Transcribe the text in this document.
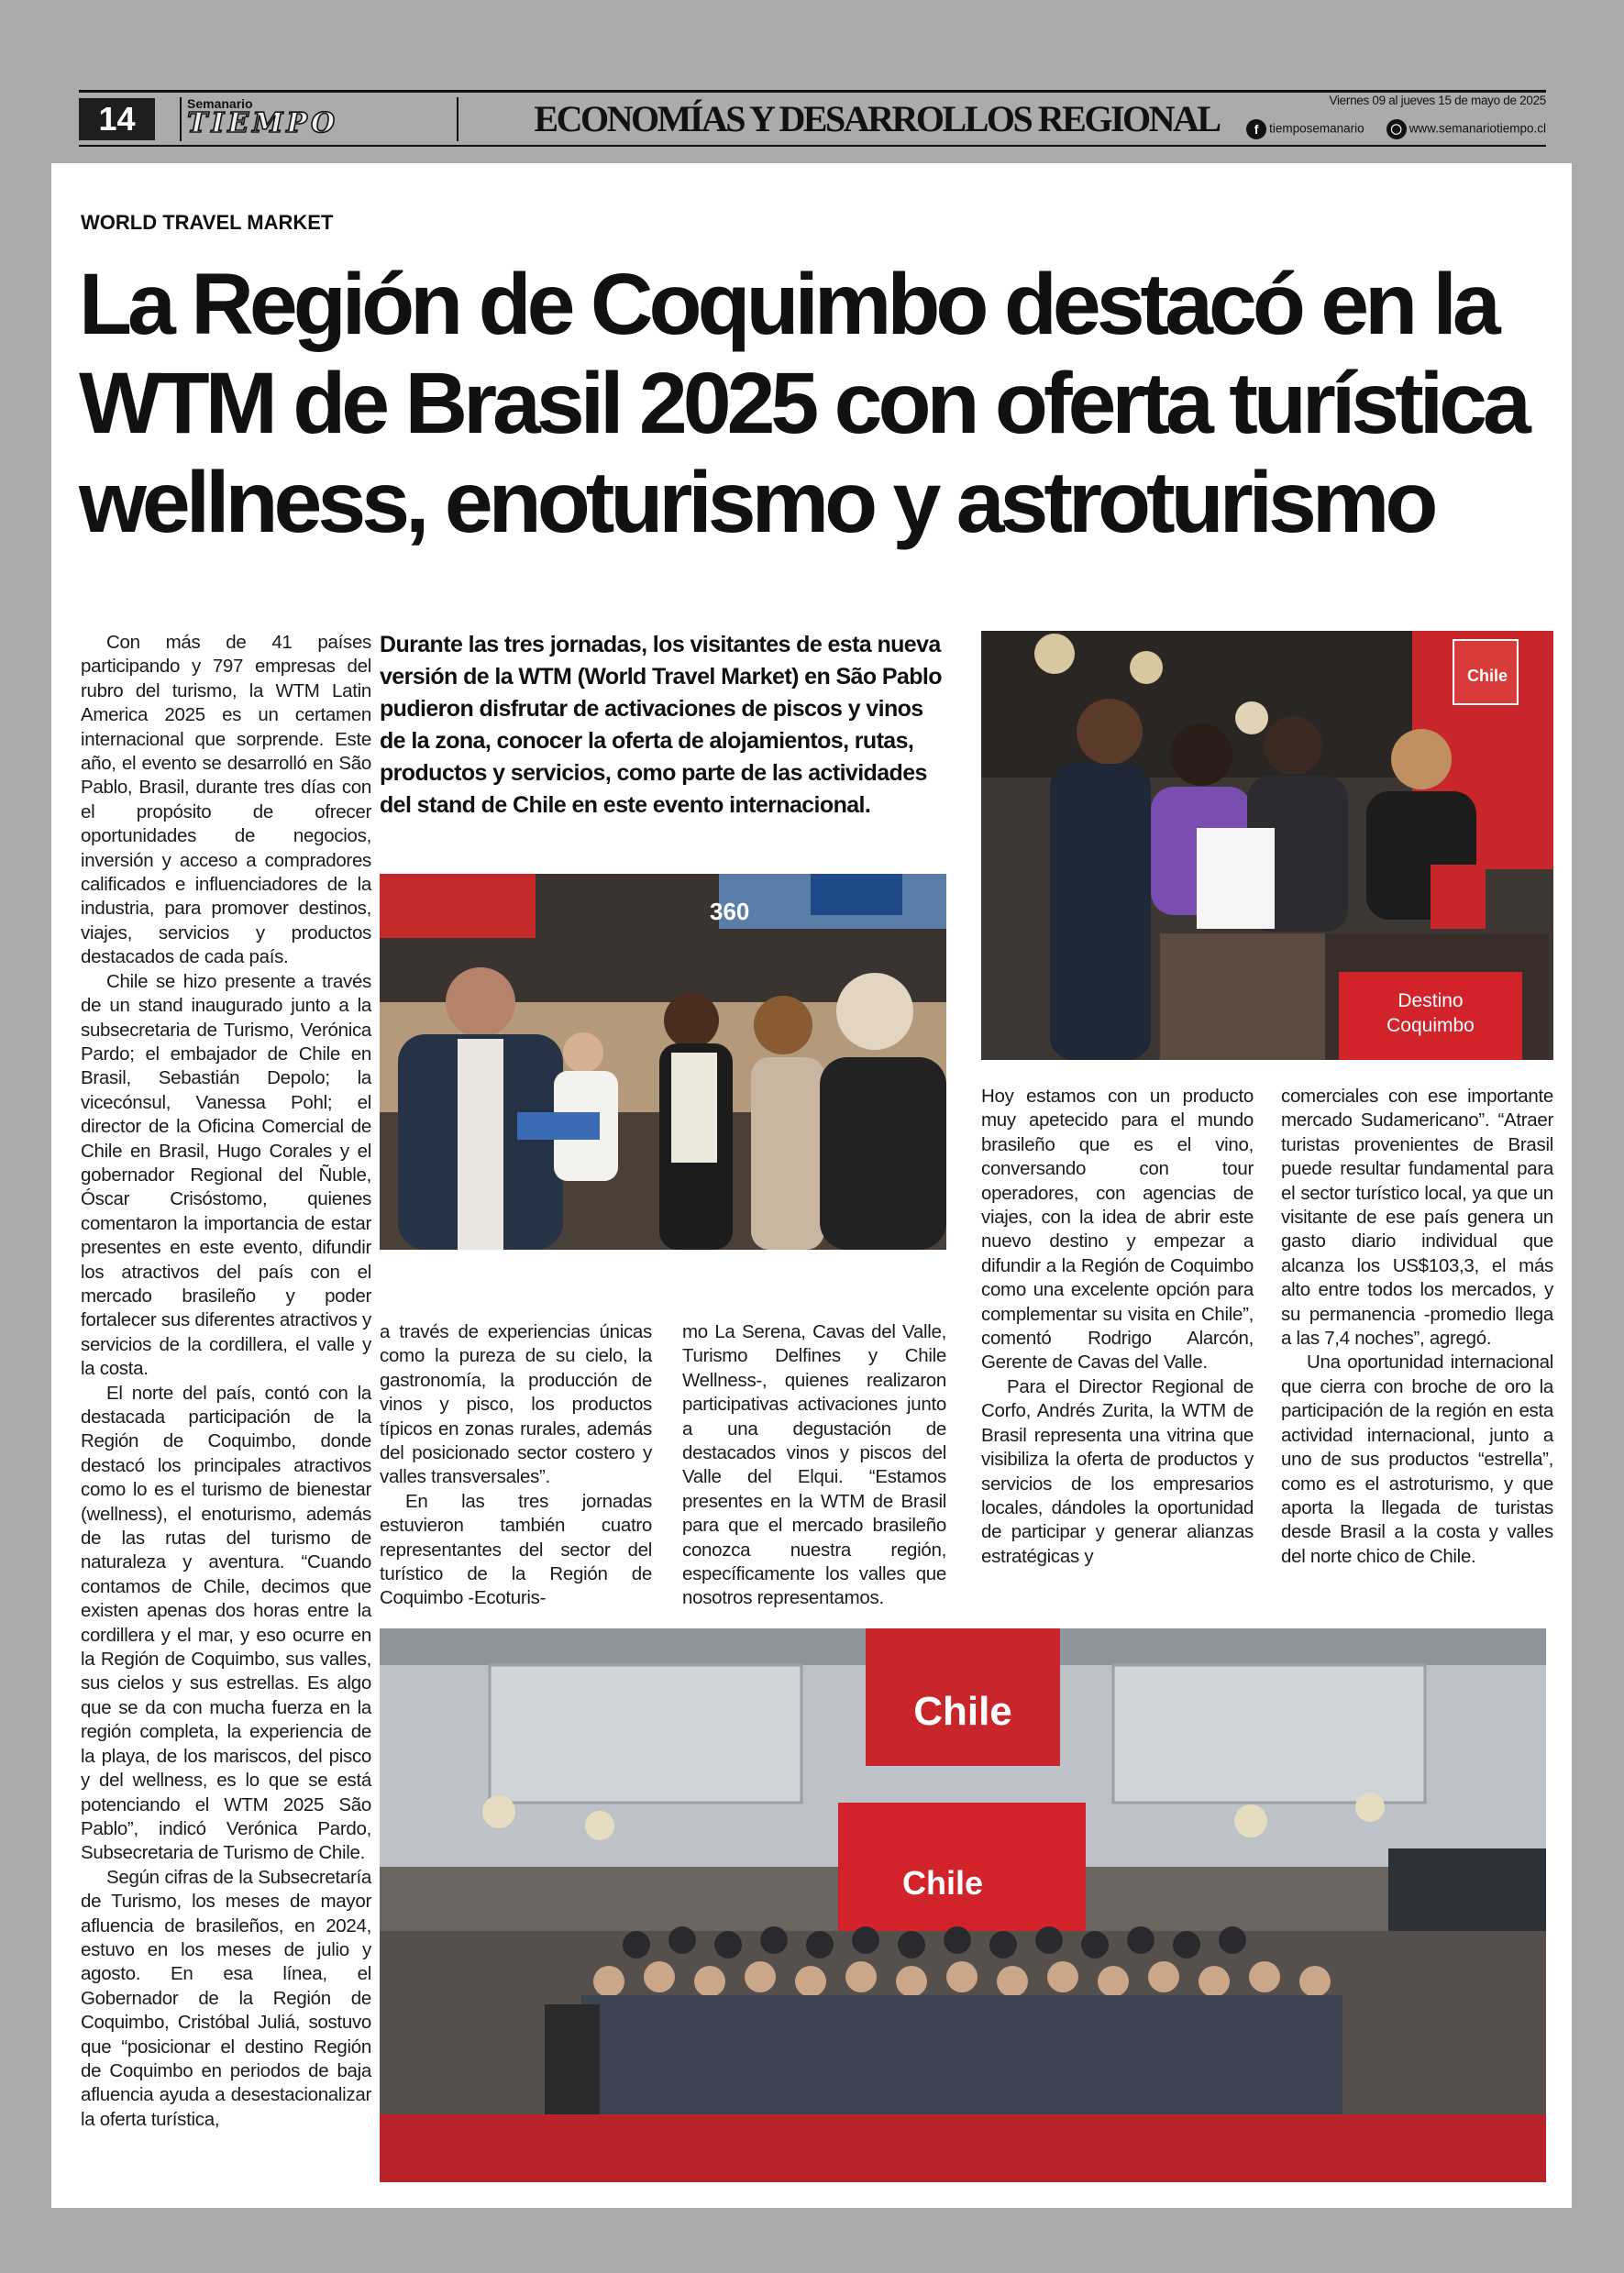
14	Semanario
TIEMPO	ECONOMÍAS Y DESARROLLOS REGIONAL	Viernes 09 al jueves 15 de mayo de 2025
f tiemposemanario	◯ www.semanariotiempo.cl
WORLD TRAVEL MARKET
La Región de Coquimbo destacó en la WTM de Brasil 2025 con oferta turística wellness, enoturismo y astroturismo

Con más de 41 países participando y 797 empresas del rubro del turismo, la WTM Latin America 2025 es un certamen internacional que sorprende. Este año, el evento se desarrolló en São Pablo, Brasil, durante tres días con el propósito de ofrecer oportunidades de negocios, inversión y acceso a compradores calificados e influenciadores de la industria, para promover destinos, viajes, servicios y productos destacados de cada país.

Chile se hizo presente a través de un stand inaugurado junto a la subsecretaria de Turismo, Verónica Pardo; el embajador de Chile en Brasil, Sebastián Depolo; la vicecónsul, Vanessa Pohl; el director de la Oficina Comercial de Chile en Brasil, Hugo Corales y el gobernador Regional del Ñuble, Óscar Crisóstomo, quienes comentaron la importancia de estar presentes en este evento, difundir los atractivos del país con el mercado brasileño y poder fortalecer sus diferentes atractivos y servicios de la cordillera, el valle y la costa.

El norte del país, contó con la destacada participación de la Región de Coquimbo, donde destacó los principales atractivos como lo es el turismo de bienestar (wellness), el enoturismo, además de las rutas del turismo de naturaleza y aventura. “Cuando contamos de Chile, decimos que existen apenas dos horas entre la cordillera y el mar, y eso ocurre en la Región de Coquimbo, sus valles, sus cielos y sus estrellas. Es algo que se da con mucha fuerza en la región completa, la experiencia de la playa, de los mariscos, del pisco y del wellness, es lo que se está potenciando el WTM 2025 São Pablo”, indicó Verónica Pardo, Subsecretaria de Turismo de Chile.

Según cifras de la Subsecretaría de Turismo, los meses de mayor afluencia de brasileños, en 2024, estuvo en los meses de julio y agosto. En esa línea, el Gobernador de la Región de Coquimbo, Cristóbal Juliá, sostuvo que “posicionar el destino Región de Coquimbo en periodos de baja afluencia ayuda a desestacionalizar la oferta turística,

Durante las tres jornadas, los visitantes de esta nueva versión de la WTM (World Travel Market) en São Pablo pudieron disfrutar de activaciones de piscos y vinos de la zona, conocer la oferta de alojamientos, rutas, productos y servicios, como parte de las actividades del stand de Chile en este evento internacional.

360
Chile
Destino
Coquimbo

a través de experiencias únicas como la pureza de su cielo, la gastronomía, la producción de vinos y pisco, los productos típicos en zonas rurales, además del posicionado sector costero y valles transversales”.

En las tres jornadas estuvieron también cuatro representantes del sector del turístico de la Región de Coquimbo -Ecoturis-

mo La Serena, Cavas del Valle, Turismo Delfines y Chile Wellness-, quienes realizaron participativas activaciones junto a una degustación de destacados vinos y piscos del Valle del Elqui. “Estamos presentes en la WTM de Brasil para que el mercado brasileño conozca nuestra región, específicamente los valles que nosotros representamos.

Hoy estamos con un producto muy apetecido para el mundo brasileño que es el vino, conversando con tour operadores, con agencias de viajes, con la idea de abrir este nuevo destino y empezar a difundir a la Región de Coquimbo como una excelente opción para complementar su visita en Chile”, comentó Rodrigo Alarcón, Gerente de Cavas del Valle.

Para el Director Regional de Corfo, Andrés Zurita, la WTM de Brasil representa una vitrina que visibiliza la oferta de productos y servicios de los empresarios locales, dándoles la oportunidad de participar y generar alianzas estratégicas y

comerciales con ese importante mercado Sudamericano”. “Atraer turistas provenientes de Brasil puede resultar fundamental para el sector turístico local, ya que un visitante de ese país genera un gasto diario individual que alcanza los US$103,3, el más alto entre todos los mercados, y su permanencia -promedio llega a las 7,4 noches”, agregó.

Una oportunidad internacional que cierra con broche de oro la participación de la región en esta actividad internacional, junto a uno de sus productos “estrella”, como es el astroturismo, y que aporta la llegada de turistas desde Brasil a la costa y valles del norte chico de Chile.

Chile
Chile
